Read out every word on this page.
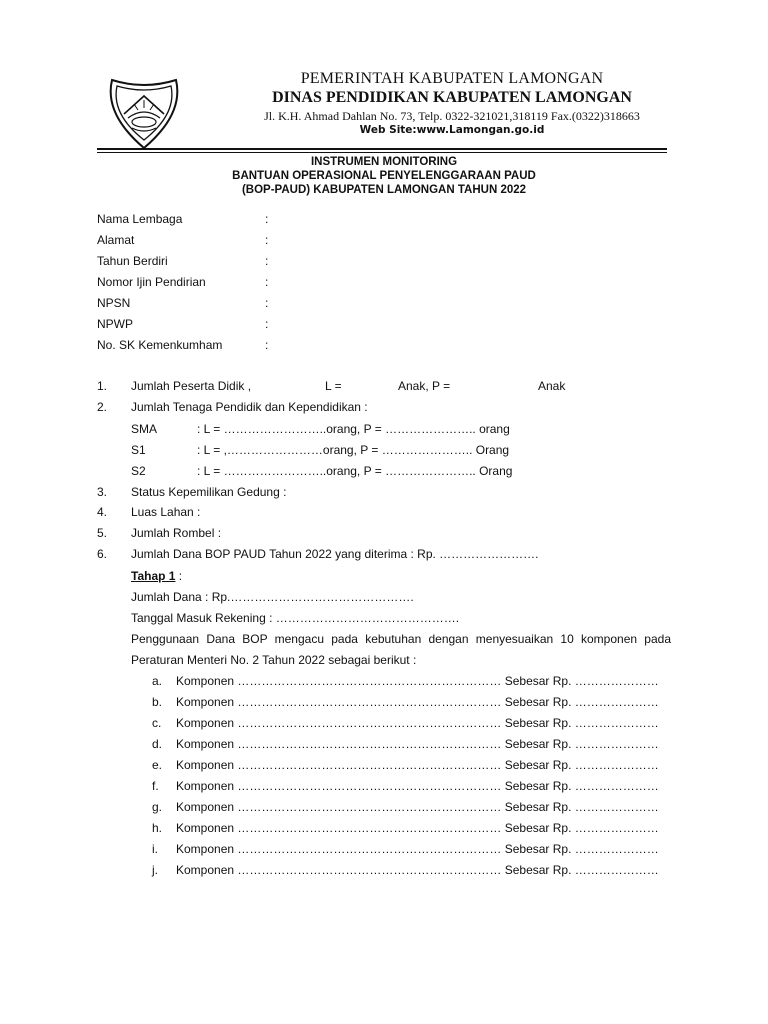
PEMERINTAH KABUPATEN LAMONGAN
DINAS PENDIDIKAN KABUPATEN LAMONGAN
Jl. K.H. Ahmad Dahlan No. 73, Telp. 0322-321021,318119 Fax.(0322)318663
Web Site:www.Lamongan.go.id
INSTRUMEN MONITORING
BANTUAN OPERASIONAL PENYELENGGARAAN PAUD
(BOP-PAUD) KABUPATEN LAMONGAN TAHUN 2022
Nama Lembaga	:
Alamat	:
Tahun Berdiri	:
Nomor Ijin Pendirian	:
NPSN	:
NPWP	:
No. SK Kemenkumham	:
1. Jumlah Peserta Didik ,	L =	Anak, P =	Anak
2. Jumlah Tenaga Pendidik dan Kependidikan :
SMA	: L = ……………………..orang, P = ………………….. orang
S1	: L = ,……………………orang, P = ………………….. Orang
S2	: L = ……………………..orang, P = ………………….. Orang
3. Status Kepemilikan Gedung :
4. Luas Lahan :
5. Jumlah Rombel :
6. Jumlah Dana BOP PAUD Tahun 2022 yang diterima : Rp. …………………….
Tahap 1 :
Jumlah Dana : Rp.……………………………………….
Tanggal Masuk Rekening : ……………………………………….
Penggunaan Dana BOP mengacu pada kebutuhan dengan menyesuaikan 10 komponen pada
Peraturan Menteri No. 2 Tahun 2022 sebagai berikut :
a. Komponen ………………………………………………………… Sebesar Rp. …………………
b. Komponen ………………………………………………………… Sebesar Rp. …………………
c. Komponen ………………………………………………………… Sebesar Rp. …………………
d. Komponen ………………………………………………………… Sebesar Rp. …………………
e. Komponen ………………………………………………………… Sebesar Rp. …………………
f. Komponen ………………………………………………………… Sebesar Rp. …………………
g. Komponen ………………………………………………………… Sebesar Rp. …………………
h. Komponen ………………………………………………………… Sebesar Rp. …………………
i. Komponen ………………………………………………………… Sebesar Rp. …………………
j. Komponen ………………………………………………………… Sebesar Rp. …………………
